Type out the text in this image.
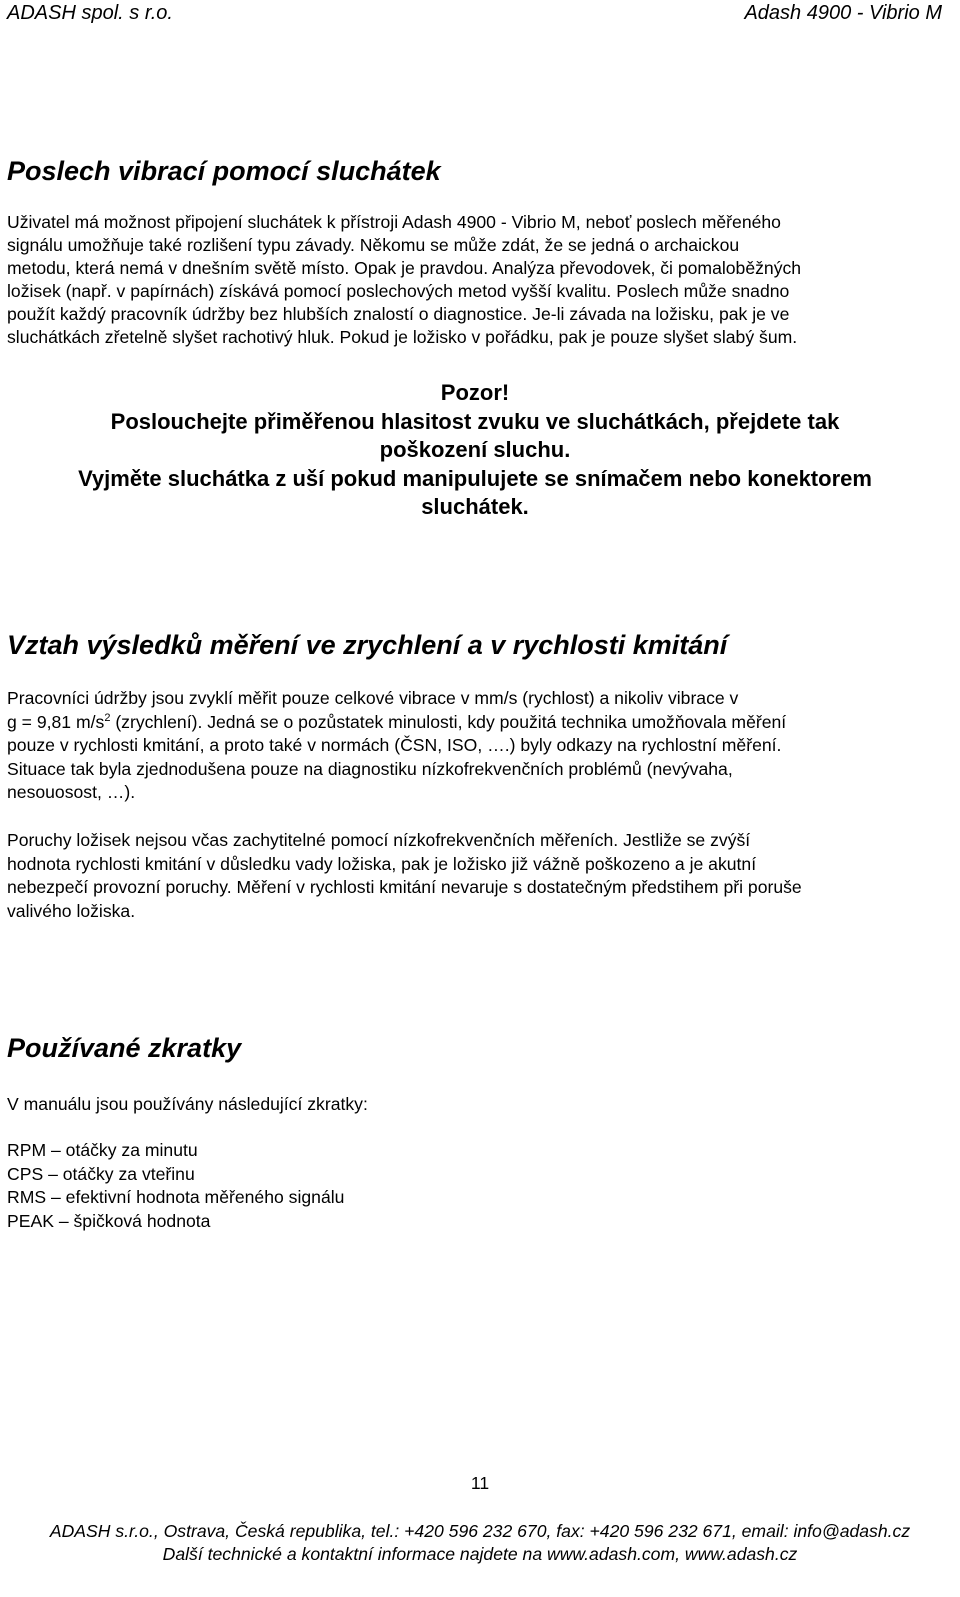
ADASH spol. s r.o.	Adash 4900 - Vibrio M
Poslech vibrací pomocí sluchátek
Uživatel má možnost připojení sluchátek k přístroji Adash 4900 - Vibrio M, neboť poslech měřeného
signálu umožňuje také rozlišení typu závady. Někomu se může zdát, že se jedná o archaickou
metodu, která nemá v dnešním světě místo. Opak je pravdou. Analýza převodovek, či pomaloběžných
ložisek (např. v papírnách) získává pomocí poslechových metod vyšší kvalitu. Poslech může snadno
použít každý pracovník údržby bez hlubších znalostí o diagnostice. Je-li závada na ložisku, pak je ve
sluchátkách zřetelně slyšet rachotivý hluk. Pokud je ložisko v pořádku, pak je pouze slyšet slabý šum.
Pozor!
Poslouchejte přiměřenou hlasitost zvuku ve sluchátkách, přejdete tak
poškození sluchu.
Vyjměte sluchátka z uší pokud manipulujete se snímačem nebo konektorem
sluchátek.
Vztah výsledků měření ve zrychlení a v rychlosti kmitání
Pracovníci údržby jsou zvyklí měřit pouze celkové vibrace v mm/s (rychlost) a nikoliv vibrace v
g = 9,81 $m/s^2$ (zrychlení). Jedná se o pozůstatek minulosti, kdy použitá technika umožňovala měření
pouze v rychlosti kmitání, a proto také v normách (ČSN, ISO, ….) byly odkazy na rychlostní měření.
Situace tak byla zjednodušena pouze na diagnostiku nízkofrekvenčních problémů (nevývaha,
nesouosost, …).
Poruchy ložisek nejsou včas zachytitelné pomocí nízkofrekvenčních měřeních. Jestliže se zvýší
hodnota rychlosti kmitání v důsledku vady ložiska, pak je ložisko již vážně poškozeno a je akutní
nebezpečí provozní poruchy. Měření v rychlosti kmitání nevaruje s dostatečným předstihem při poruše
valivého ložiska.
Používané zkratky
V manuálu jsou používány následující zkratky:
RPM – otáčky za minutu
CPS – otáčky za vteřinu
RMS – efektivní hodnota měřeného signálu
PEAK – špičková hodnota
11
ADASH s.r.o., Ostrava, Česká republika, tel.: +420 596 232 670, fax: +420 596 232 671, email: info@adash.cz
Další technické a kontaktní informace najdete na www.adash.com, www.adash.cz
